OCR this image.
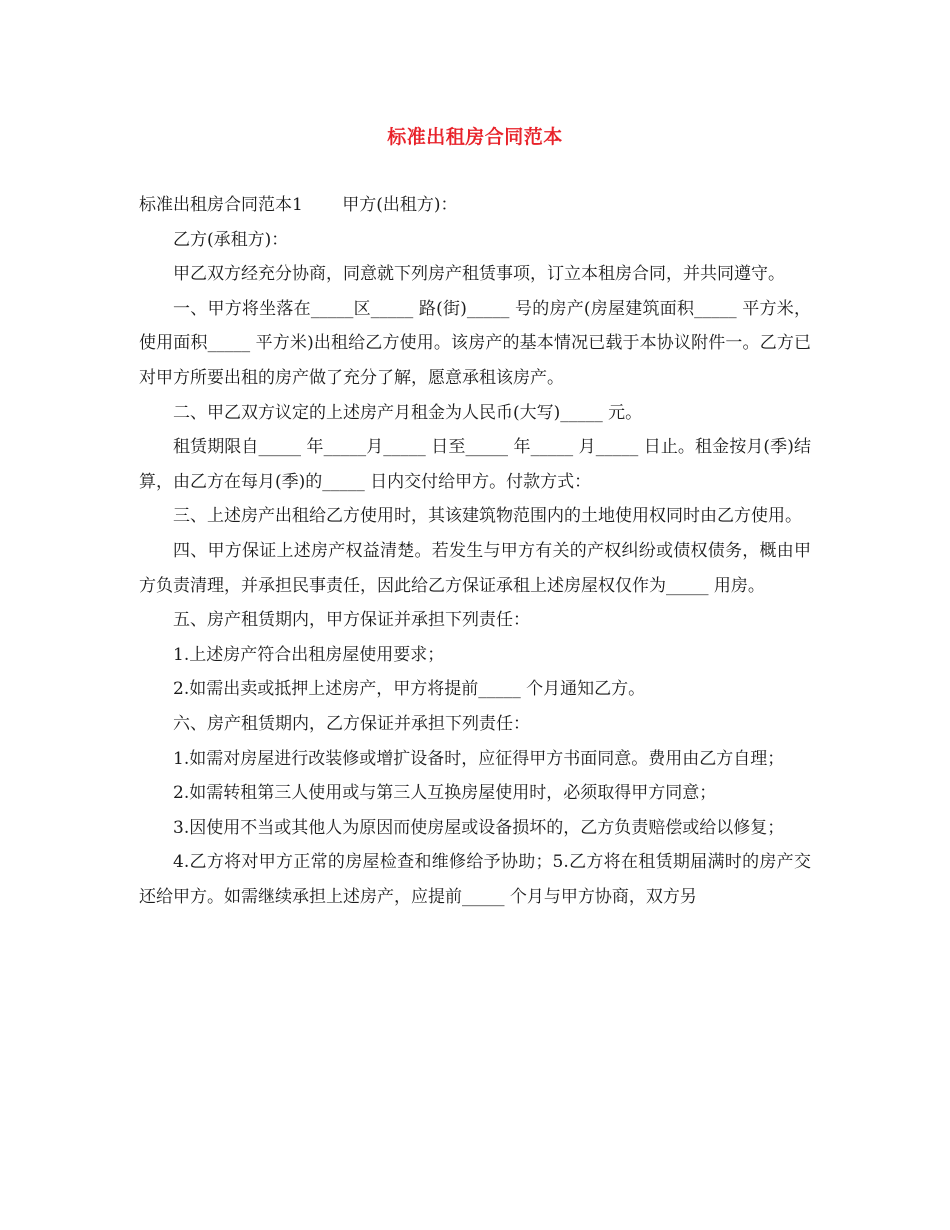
标准出租房合同范本

标准出租房合同范本1　　 甲方(出租方)：

乙方(承租方)：

甲乙双方经充分协商，同意就下列房产租赁事项，订立本租房合同，并共同遵守。

一、甲方将坐落在_____区_____ 路(街)_____ 号的房产(房屋建筑面积_____ 平方米，使用面积_____ 平方米)出租给乙方使用。该房产的基本情况已载于本协议附件一。乙方已对甲方所要出租的房产做了充分了解，愿意承租该房产。

二、甲乙双方议定的上述房产月租金为人民币(大写)_____ 元。

租赁期限自_____ 年_____月_____ 日至_____ 年_____ 月_____ 日止。租金按月(季)结算，由乙方在每月(季)的_____ 日内交付给甲方。付款方式：

三、上述房产出租给乙方使用时，其该建筑物范围内的土地使用权同时由乙方使用。

四、甲方保证上述房产权益清楚。若发生与甲方有关的产权纠纷或债权债务，概由甲方负责清理，并承担民事责任，因此给乙方保证承租上述房屋权仅作为_____ 用房。

五、房产租赁期内，甲方保证并承担下列责任：

1.上述房产符合出租房屋使用要求；

2.如需出卖或抵押上述房产，甲方将提前_____ 个月通知乙方。

六、房产租赁期内，乙方保证并承担下列责任：

1.如需对房屋进行改装修或增扩设备时，应征得甲方书面同意。费用由乙方自理；

2.如需转租第三人使用或与第三人互换房屋使用时，必须取得甲方同意；

3.因使用不当或其他人为原因而使房屋或设备损坏的，乙方负责赔偿或给以修复；

4.乙方将对甲方正常的房屋检查和维修给予协助；5.乙方将在租赁期届满时的房产交还给甲方。如需继续承担上述房产，应提前_____ 个月与甲方协商，双方另
